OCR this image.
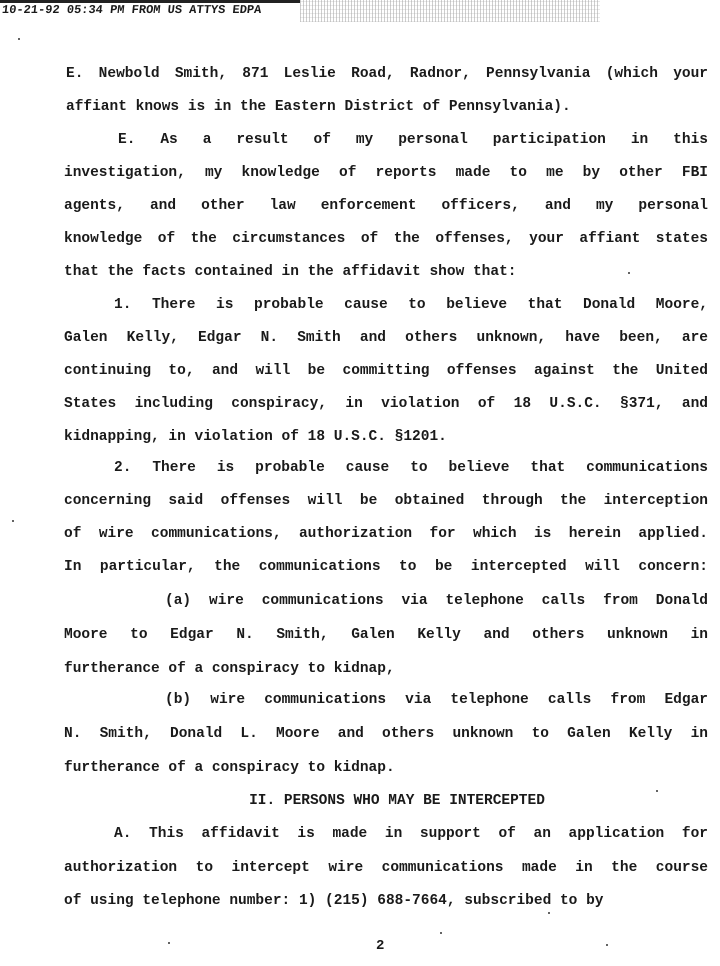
10-21-92 05:34 PM FROM US ATTYS EDPA
E. Newbold Smith, 871 Leslie Road, Radnor, Pennsylvania (which your
affiant knows is in the Eastern District of Pennsylvania).
E. As a result of my personal participation in this
investigation, my knowledge of reports made to me by other FBI
agents, and other law enforcement officers, and my personal
knowledge of the circumstances of the offenses, your affiant states
that the facts contained in the affidavit show that:
1. There is probable cause to believe that Donald Moore,
Galen Kelly, Edgar N. Smith and others unknown, have been, are
continuing to, and will be committing offenses against the United
States including conspiracy, in violation of 18 U.S.C. §371, and
kidnapping, in violation of 18 U.S.C. §1201.
2. There is probable cause to believe that communications
concerning said offenses will be obtained through the interception
of wire communications, authorization for which is herein applied.
In particular, the communications to be intercepted will concern:
(a) wire communications via telephone calls from Donald
Moore to Edgar N. Smith, Galen Kelly and others unknown in
furtherance of a conspiracy to kidnap,
(b) wire communications via telephone calls from Edgar
N. Smith, Donald L. Moore and others unknown to Galen Kelly in
furtherance of a conspiracy to kidnap.
II. PERSONS WHO MAY BE INTERCEPTED
A. This affidavit is made in support of an application for
authorization to intercept wire communications made in the course
of using telephone number: 1) (215) 688-7664, subscribed to by
2
